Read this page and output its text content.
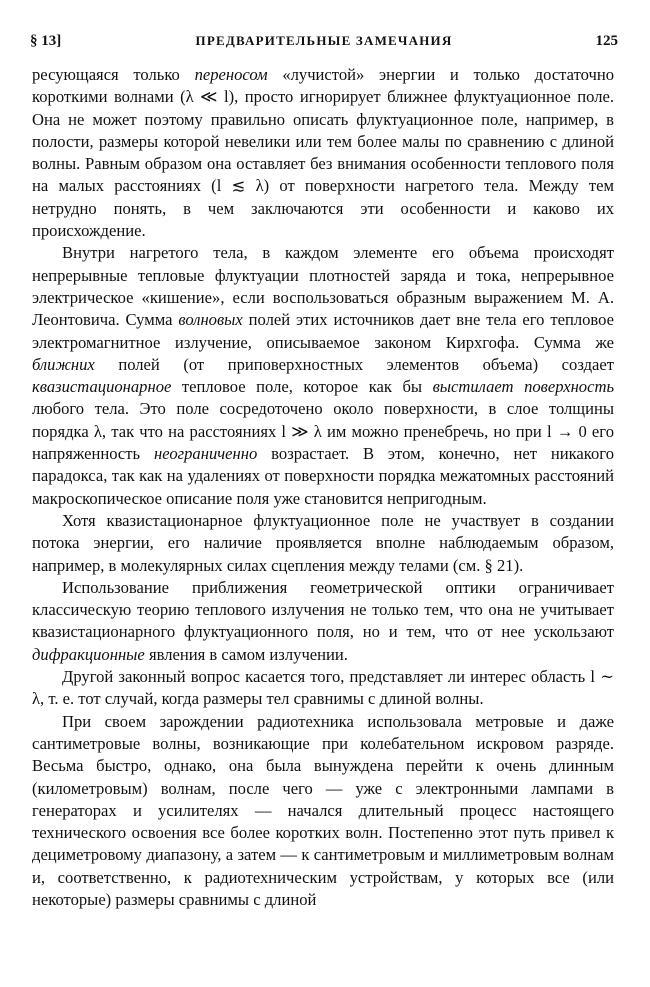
§ 13]	ПРЕДВАРИТЕЛЬНЫЕ ЗАМЕЧАНИЯ	125

ресующаяся только переносом «лучистой» энергии и только достаточно короткими волнами (λ ≪ l), просто игнорирует ближнее флуктуационное поле. Она не может поэтому правильно описать флуктуационное поле, например, в полости, размеры которой невелики или тем более малы по сравнению с длиной волны. Равным образом она оставляет без внимания особенности теплового поля на малых расстояниях (l ≲ λ) от поверхности нагретого тела. Между тем нетрудно понять, в чем заключаются эти особенности и каково их происхождение.

Внутри нагретого тела, в каждом элементе его объема происходят непрерывные тепловые флуктуации плотностей заряда и тока, непрерывное электрическое «кишение», если воспользоваться образным выражением М. А. Леонтовича. Сумма волновых полей этих источников дает вне тела его тепловое электромагнитное излучение, описываемое законом Кирхгофа. Сумма же ближних полей (от приповерхностных элементов объема) создает квазистационарное тепловое поле, которое как бы выстилает поверхность любого тела. Это поле сосредоточено около поверхности, в слое толщины порядка λ, так что на расстояниях l ≫ λ им можно пренебречь, но при l → 0 его напряженность неограниченно возрастает. В этом, конечно, нет никакого парадокса, так как на удалениях от поверхности порядка межатомных расстояний макроскопическое описание поля уже становится непригодным.

Хотя квазистационарное флуктуационное поле не участвует в создании потока энергии, его наличие проявляется вполне наблюдаемым образом, например, в молекулярных силах сцепления между телами (см. § 21).

Использование приближения геометрической оптики ограничивает классическую теорию теплового излучения не только тем, что она не учитывает квазистационарного флуктуационного поля, но и тем, что от нее ускользают дифракционные явления в самом излучении.

Другой законный вопрос касается того, представляет ли интерес область l ∼ λ, т. е. тот случай, когда размеры тел сравнимы с длиной волны.

При своем зарождении радиотехника использовала метровые и даже сантиметровые волны, возникающие при колебательном искровом разряде. Весьма быстро, однако, она была вынуждена перейти к очень длинным (километровым) волнам, после чего — уже с электронными лампами в генераторах и усилителях — начался длительный процесс настоящего технического освоения все более коротких волн. Постепенно этот путь привел к дециметровому диапазону, а затем — к сантиметровым и миллиметровым волнам и, соответственно, к радиотехническим устройствам, у которых все (или некоторые) размеры сравнимы с длиной
